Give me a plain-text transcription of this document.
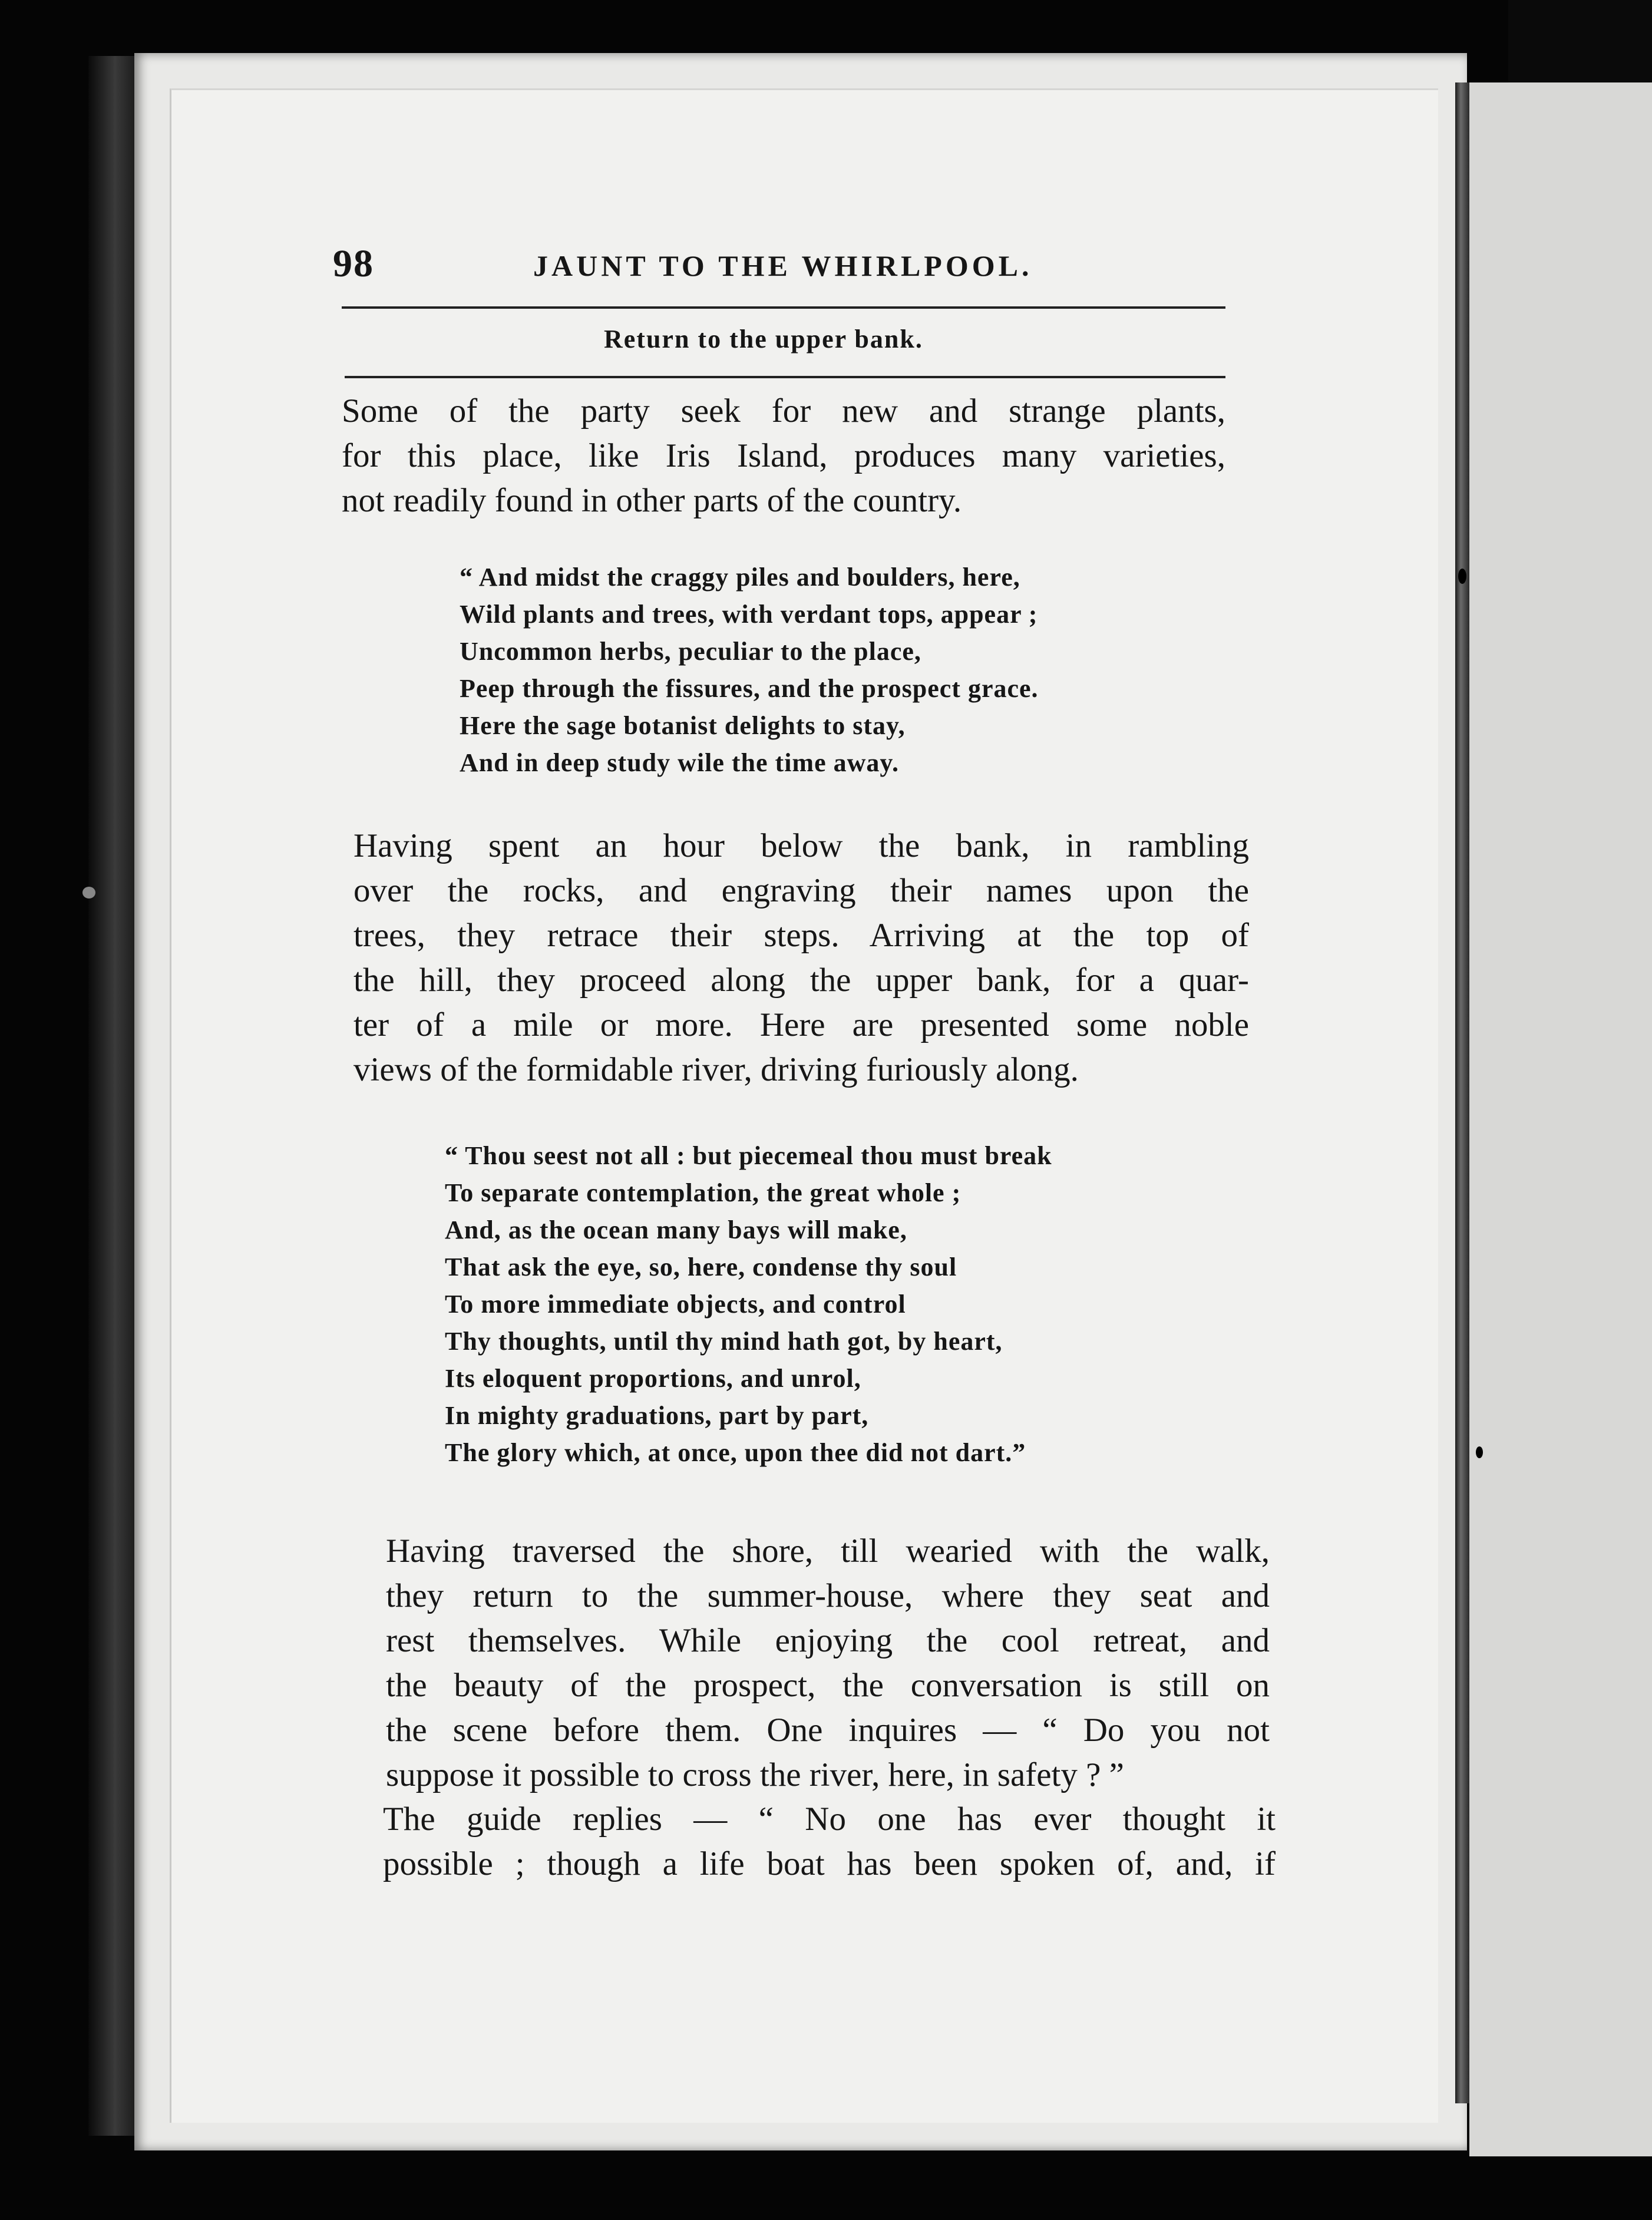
98	JAUNT TO THE WHIRLPOOL.
Return to the upper bank.
Some of the party seek for new and strange plants,
for this place, like Iris Island, produces many varieties,
not readily found in other parts of the country.
“ And midst the craggy piles and boulders, here,
Wild plants and trees, with verdant tops, appear ;
Uncommon herbs, peculiar to the place,
Peep through the fissures, and the prospect grace.
Here the sage botanist delights to stay,
And in deep study wile the time away.
Having spent an hour below the bank, in rambling
over the rocks, and engraving their names upon the
trees, they retrace their steps. Arriving at the top of
the hill, they proceed along the upper bank, for a quar-
ter of a mile or more. Here are presented some noble
views of the formidable river, driving furiously along.
“ Thou seest not all : but piecemeal thou must break
To separate contemplation, the great whole ;
And, as the ocean many bays will make,
That ask the eye, so, here, condense thy soul
To more immediate objects, and control
Thy thoughts, until thy mind hath got, by heart,
Its eloquent proportions, and unrol,
In mighty graduations, part by part,
The glory which, at once, upon thee did not dart.”
Having traversed the shore, till wearied with the walk,
they return to the summer-house, where they seat and
rest themselves. While enjoying the cool retreat, and
the beauty of the prospect, the conversation is still on
the scene before them. One inquires — “ Do you not
suppose it possible to cross the river, here, in safety ? ”
The guide replies — “ No one has ever thought it
possible ; though a life boat has been spoken of, and, if
